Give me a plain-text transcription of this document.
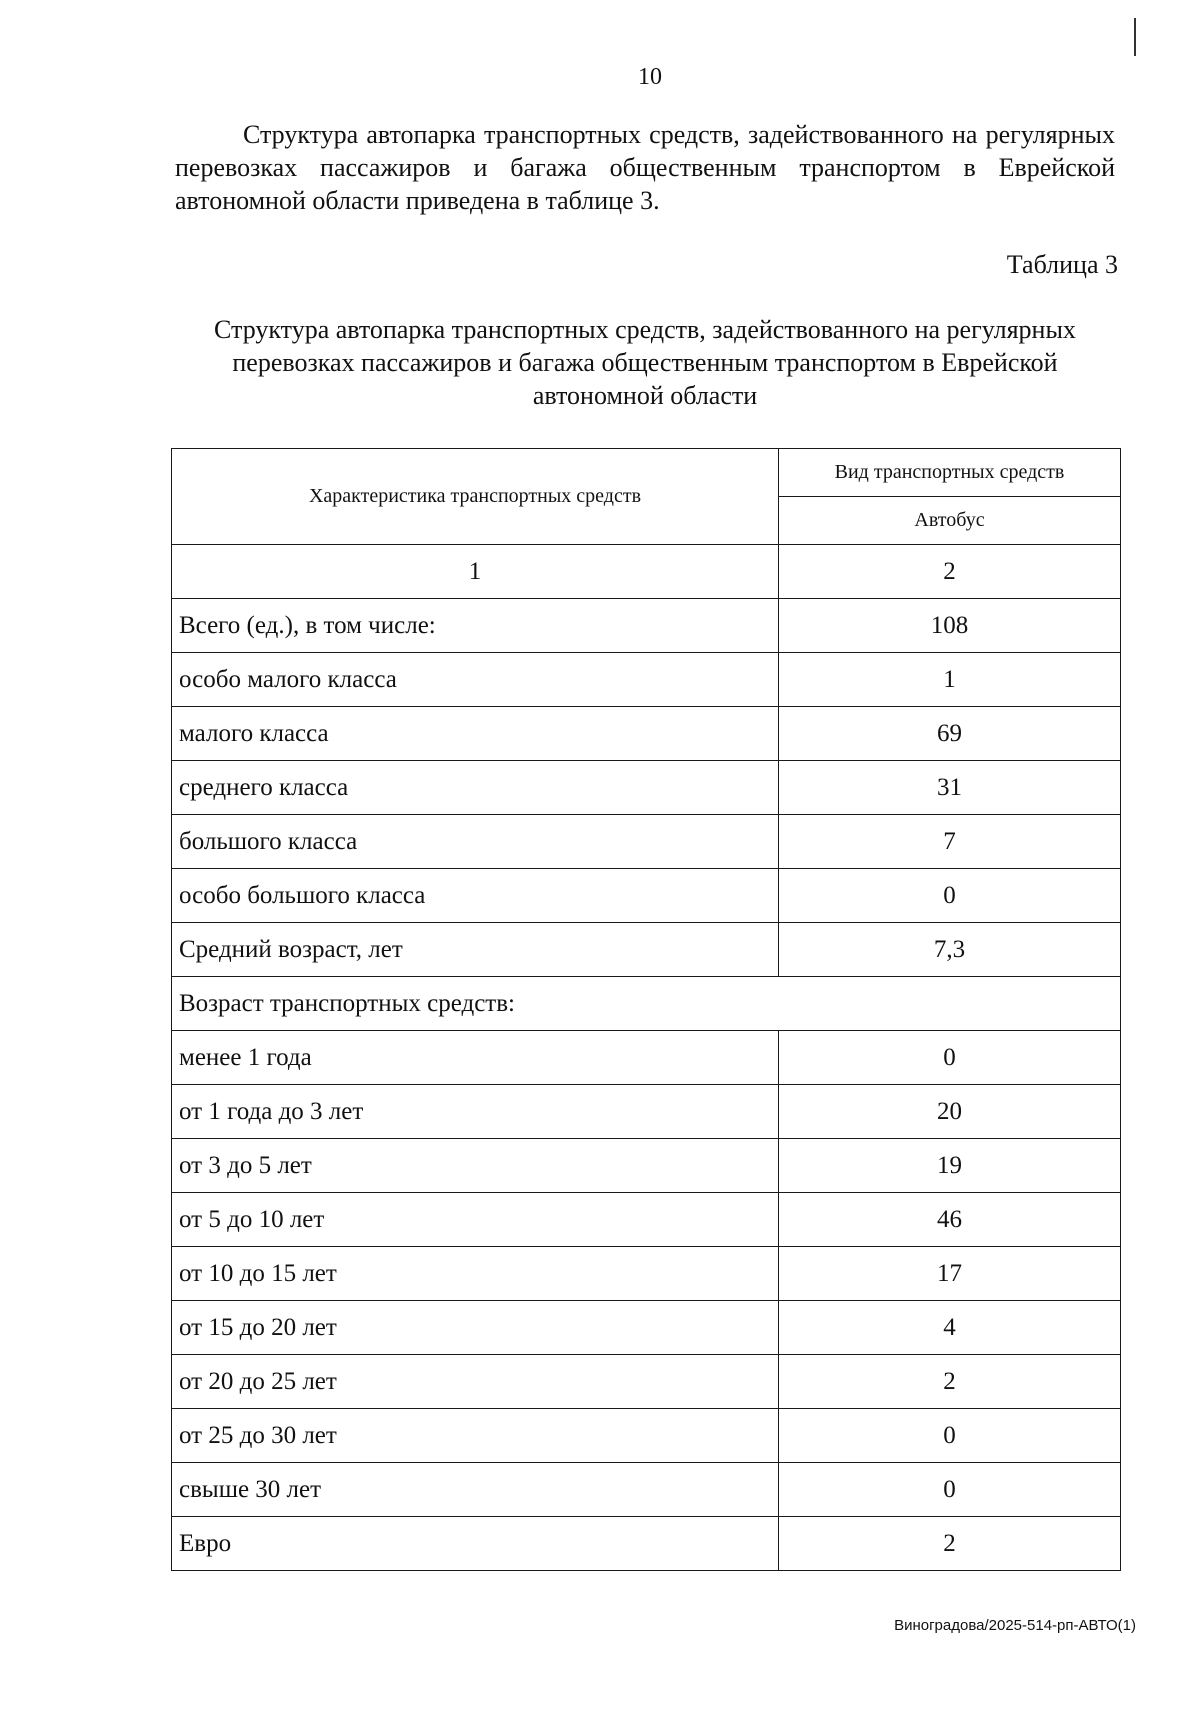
10

Структура автопарка транспортных средств, задействованного на регулярных перевозках пассажиров и багажа общественным транспортом в Еврейской автономной области приведена в таблице 3.

Таблица 3

Структура автопарка транспортных средств, задействованного на регулярных перевозках пассажиров и багажа общественным транспортом в Еврейской автономной области

Характеристика транспортных средств	Вид транспортных средств
	Автобус
1	2
Всего (ед.), в том числе:	108
особо малого класса	1
малого класса	69
среднего класса	31
большого класса	7
особо большого класса	0
Средний возраст, лет	7,3
Возраст транспортных средств:	
менее 1 года	0
от 1 года до 3 лет	20
от 3 до 5 лет	19
от 5 до 10 лет	46
от 10 до 15 лет	17
от 15 до 20 лет	4
от 20 до 25 лет	2
от 25 до 30 лет	0
свыше 30 лет	0
Евро	2
Виноградова/2025-514-рп-АВТО(1)
